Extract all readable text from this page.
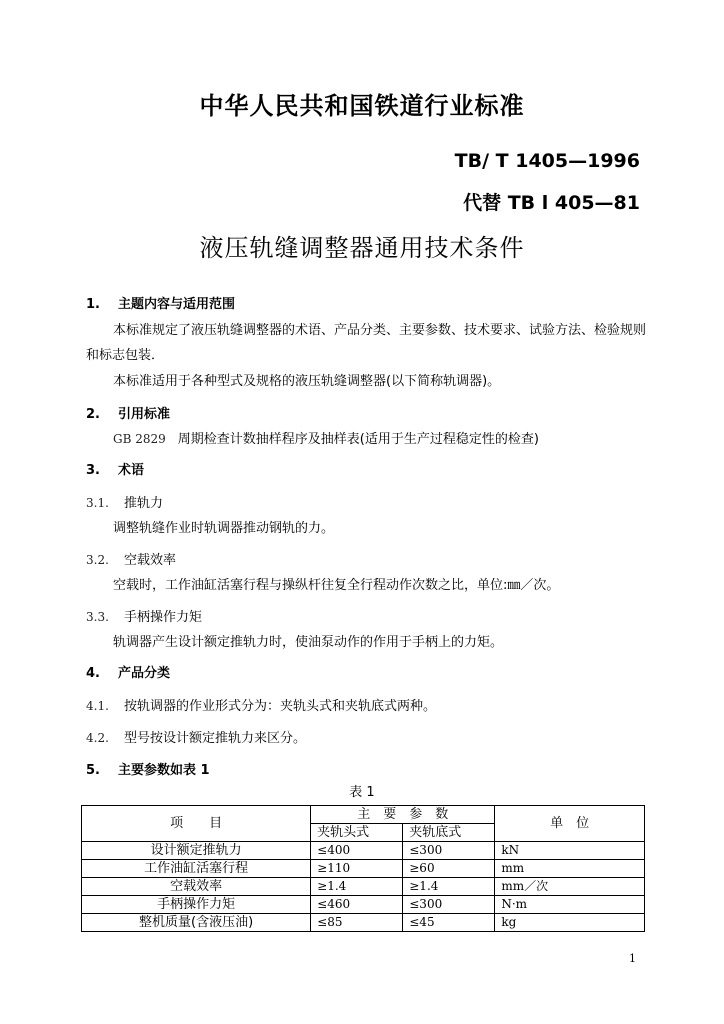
中华人民共和国铁道行业标准
TB/ T 1405—1996
代替 TB l 405—81
液压轨缝调整器通用技术条件
1. 主题内容与适用范围
本标准规定了液压轨缝调整器的术语、产品分类、主要参数、技术要求、试验方法、检验规则
和标志包装．
本标准适用于各种型式及规格的液压轨缝调整器(以下简称轨调器)。
2. 引用标准
GB 2829 周期检查计数抽样程序及抽样表(适用于生产过程稳定性的检查)
3. 术语
3.1. 推轨力
调整轨缝作业时轨调器推动钢轨的力。
3.2. 空载效率
空载时，工作油缸活塞行程与操纵杆往复全行程动作次数之比，单位:㎜／次。
3.3. 手柄操作力矩
轨调器产生设计额定推轨力时，使油泵动作的作用于手柄上的力矩。
4. 产品分类
4.1. 按轨调器的作业形式分为：夹轨头式和夹轨底式两种。
4.2. 型号按设计额定推轨力来区分。
5. 主要参数如表 1
表 1
项　　目	主　要　参　数		单　位
	夹轨头式	夹轨底式	
设计额定推轨力	≤400	≤300	kN
工作油缸活塞行程	≥110	≥60	mm
空载效率	≥1.4	≥1.4	mm／次
手柄操作力矩	≤460	≤300	N·m
整机质量(含液压油)	≤85	≤45	kg
1
